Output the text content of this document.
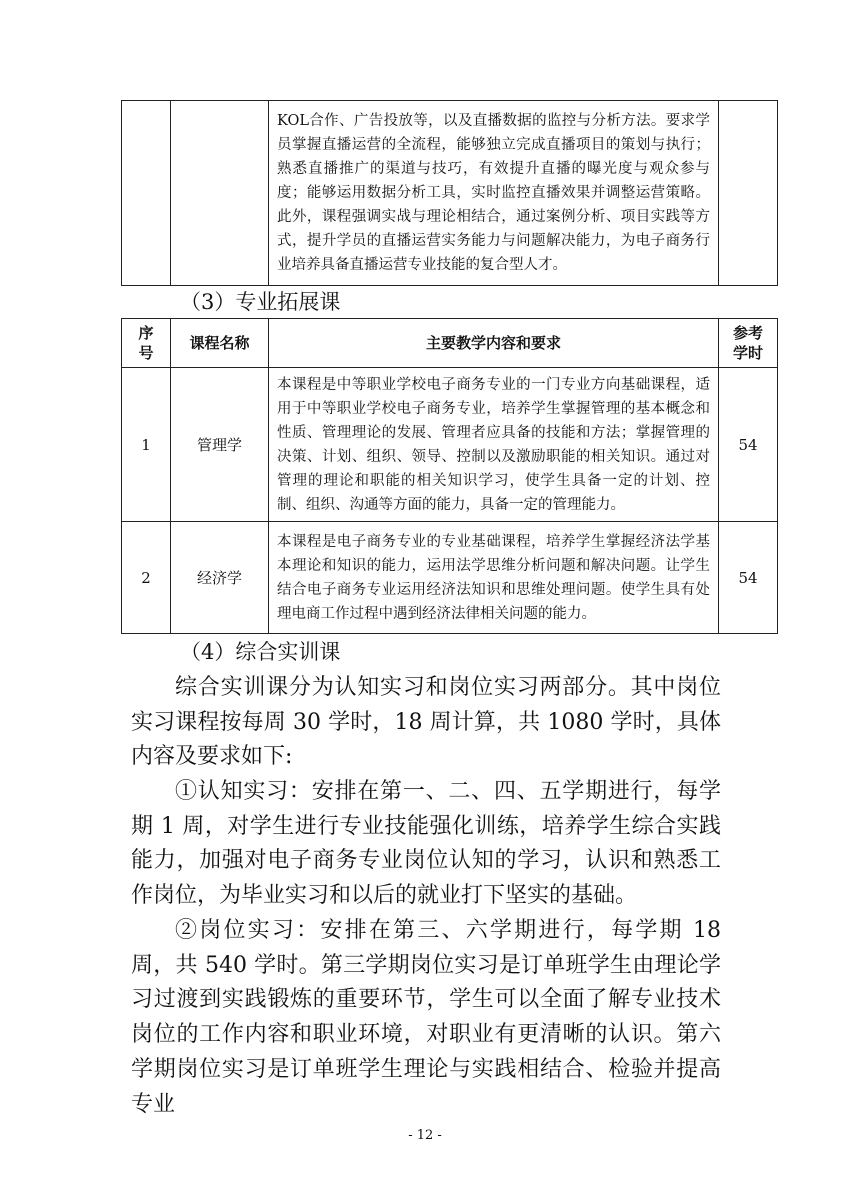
		KOL合作、广告投放等，以及直播数据的监控与分析方法。要求学员掌握直播运营的全流程，能够独立完成直播项目的策划与执行；熟悉直播推广的渠道与技巧，有效提升直播的曝光度与观众参与度；能够运用数据分析工具，实时监控直播效果并调整运营策略。此外，课程强调实战与理论相结合，通过案例分析、项目实践等方式，提升学员的直播运营实务能力与问题解决能力，为电子商务行业培养具备直播运营专业技能的复合型人才。	
（3）专业拓展课
序号	课程名称	主要教学内容和要求	参考学时
1	管理学	本课程是中等职业学校电子商务专业的一门专业方向基础课程，适用于中等职业学校电子商务专业，培养学生掌握管理的基本概念和性质、管理理论的发展、管理者应具备的技能和方法；掌握管理的决策、计划、组织、领导、控制以及激励职能的相关知识。通过对管理的理论和职能的相关知识学习，使学生具备一定的计划、控制、组织、沟通等方面的能力，具备一定的管理能力。	54
2	经济学	本课程是电子商务专业的专业基础课程，培养学生掌握经济法学基本理论和知识的能力，运用法学思维分析问题和解决问题。让学生结合电子商务专业运用经济法知识和思维处理问题。使学生具有处理电商工作过程中遇到经济法律相关问题的能力。	54
（4）综合实训课
综合实训课分为认知实习和岗位实习两部分。其中岗位实习课程按每周 30 学时，18 周计算，共 1080 学时，具体内容及要求如下:
①认知实习：安排在第一、二、四、五学期进行，每学期 1 周，对学生进行专业技能强化训练，培养学生综合实践能力，加强对电子商务专业岗位认知的学习，认识和熟悉工作岗位，为毕业实习和以后的就业打下坚实的基础。
②岗位实习：安排在第三、六学期进行，每学期 18 周，共 540 学时。第三学期岗位实习是订单班学生由理论学习过渡到实践锻炼的重要环节，学生可以全面了解专业技术岗位的工作内容和职业环境，对职业有更清晰的认识。第六学期岗位实习是订单班学生理论与实践相结合、检验并提高专业
- 12 -
